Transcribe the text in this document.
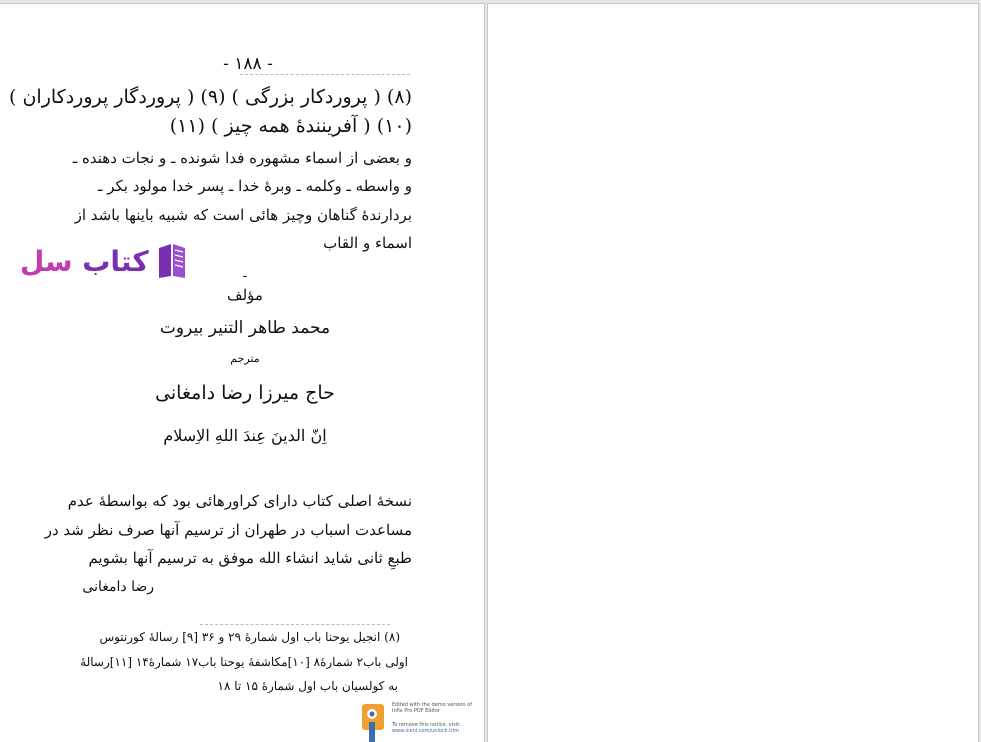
- ۱۸۸ -
(۸) ( پروردکار بزرگی ) (۹) ( پروردگار پروردکاران )
(۱۰) ( آفرینندهٔ همه چیز ) (۱۱)
و بعضی از اسماء مشهوره فدا شونده ـ و نجات دهنده ـ
و واسطه ـ وکلمه ـ وبرهٔ خدا ـ پسر خدا مولود بکر ـ
بردارندهٔ گناهان وچیز هائی است که شبیه باینها باشد از
اسماء و القاب
کتاب سل	ـ
مؤلف
محمد طاهر التنیر بیروت
مترجم
حاج میرزا رضا دامغانی
اِنّ الدینَ عِندَ اللهِ الاِسلام
نسخهٔ اصلی کتاب دارای کراورهائی بود که بواسطهٔ عدم
مساعدت اسباب در طهران از ترسیم آنها صرف نظر شد در
طبعِ ثانی شاید انشاء الله موفق به ترسیم آنها بشویم
رضا دامغانی
(۸) انجیل یوحنا باب اول شمارهٔ ۲۹ و ۳۶ [۹] رسالهٔ کورنتوس
اولی باب۲ شمارهٔ۸ [۱۰]مکاشفهٔ یوحنا باب۱۷ شمارهٔ۱۴ [۱۱]رسالهٔ
به کولسیان باب اول شمارهٔ ۱۵ تا ۱۸
Edited with the demo version of
Infix Pro PDF Editor
To remove this notice, visit:
www.iceni.com/unlock.htm
